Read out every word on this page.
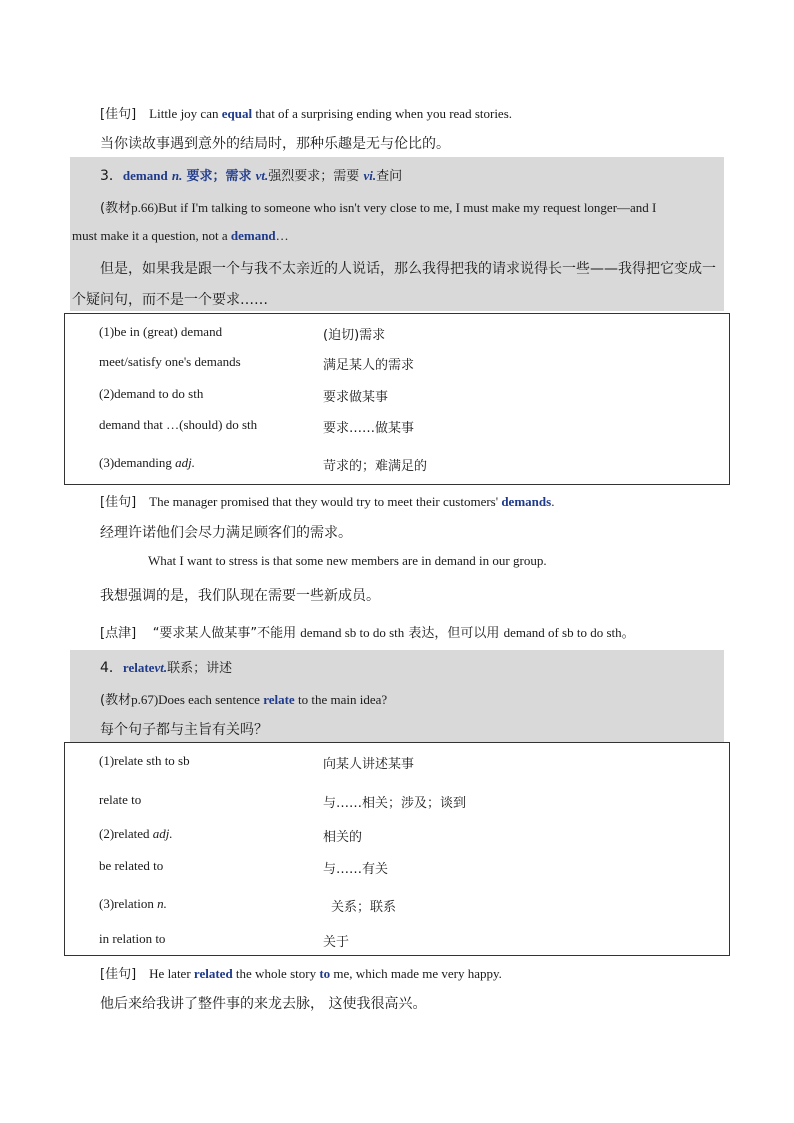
[佳句] Little joy can equal that of a surprising ending when you read stories.
当你读故事遇到意外的结局时，那种乐趣是无与伦比的。
3．demand n. 要求；需求 vt.强烈要求；需要 vi.查问
(教材p.66)But if I'm talking to someone who isn't very close to me, I must make my request longer—and I
must make it a question, not a demand…
但是，如果我是跟一个与我不太亲近的人说话，那么我得把我的请求说得长一些——我得把它变成一
个疑问句，而不是一个要求……
(1)be in (great) demand	(迫切)需求
meet/satisfy one's demands	满足某人的需求
(2)demand to do sth	要求做某事
demand that …(should) do sth	要求……做某事
(3)demanding adj.	苛求的；难满足的
[佳句] The manager promised that they would try to meet their customers' demands.
经理许诺他们会尽力满足顾客们的需求。
What I want to stress is that some new members are in demand in our group.
我想强调的是，我们队现在需要一些新成员。
[点津] “要求某人做某事”不能用 demand sb to do sth 表达，但可以用 demand of sb to do sth。
4．relatevt.联系；讲述
(教材p.67)Does each sentence relate to the main idea?
每个句子都与主旨有关吗？
(1)relate sth to sb	向某人讲述某事
relate to	与……相关；涉及；谈到
(2)related adj.	相关的
be related to	与……有关
(3)relation n.	关系；联系
in relation to	关于
[佳句] He later related the whole story to me, which made me very happy.
他后来给我讲了整件事的来龙去脉， 这使我很高兴。
